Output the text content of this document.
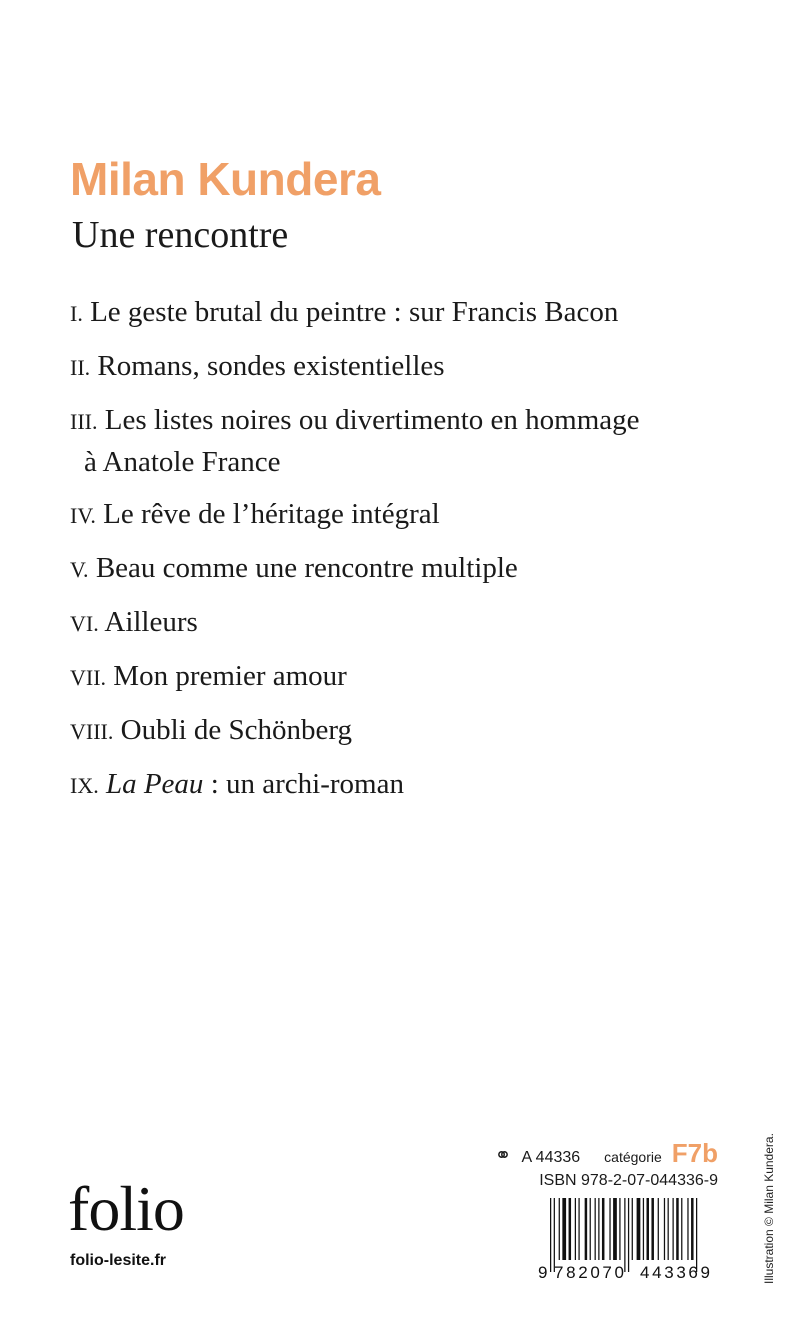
Milan Kundera
Une rencontre
I. Le geste brutal du peintre : sur Francis Bacon
II. Romans, sondes existentielles
III. Les listes noires ou divertimento en hommage
à Anatole France
IV. Le rêve de l’héritage intégral
V. Beau comme une rencontre multiple
VI. Ailleurs
VII. Mon premier amour
VIII. Oubli de Schönberg
IX. La Peau : un archi-roman
⚭ A 44336 catégorie F7b
ISBN 978-2-07-044336-9
folio
folio-lesite.fr
9 782070 443369	Illustration © Milan Kundera.
